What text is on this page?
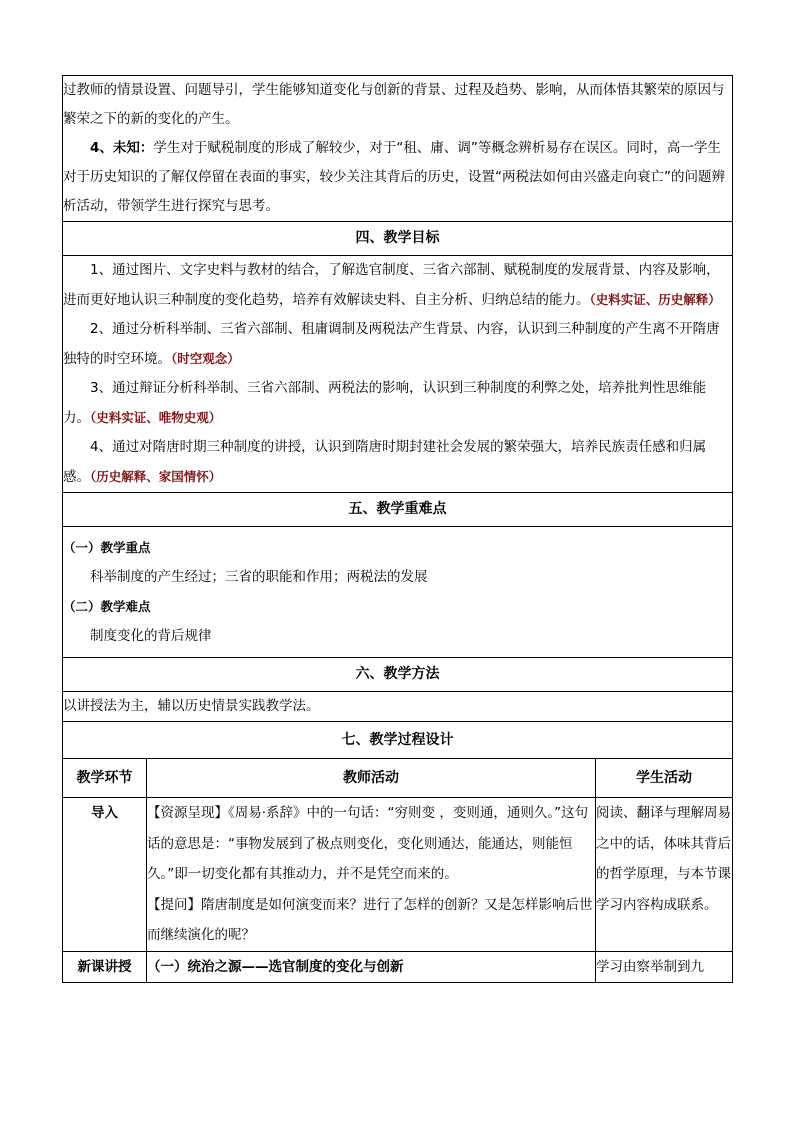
过教师的情景设置、问题导引，学生能够知道变化与创新的背景、过程及趋势、影响，从而体悟其繁荣的原因与繁荣之下的新的变化的产生。

4、未知：学生对于赋税制度的形成了解较少，对于“租、庸、调”等概念辨析易存在误区。同时，高一学生对于历史知识的了解仅停留在表面的事实，较少关注其背后的历史，设置“两税法如何由兴盛走向衰亡”的问题辨析活动，带领学生进行探究与思考。		

四、教学目标		

1、通过图片、文字史料与教材的结合，了解选官制度、三省六部制、赋税制度的发展背景、内容及影响，进而更好地认识三种制度的变化趋势，培养有效解读史料、自主分析、归纳总结的能力。（史料实证、历史解释）

2、通过分析科举制、三省六部制、租庸调制及两税法产生背景、内容，认识到三种制度的产生离不开隋唐独特的时空环境。（时空观念）

3、通过辩证分析科举制、三省六部制、两税法的影响，认识到三种制度的利弊之处，培养批判性思维能力。（史料实证、唯物史观）

4、通过对隋唐时期三种制度的讲授，认识到隋唐时期封建社会发展的繁荣强大，培养民族责任感和归属感。（历史解释、家国情怀）		

五、教学重难点		

（一）教学重点

科举制度的产生经过；三省的职能和作用；两税法的发展

（二）教学难点

制度变化的背后规律		

六、教学方法		

以讲授法为主，辅以历史情景实践教学法。		

七、教学过程设计		
教学环节	教师活动	学生活动
导入	【资源呈现】《周易·系辞》中的一句话：“穷则变 ，变则通，通则久。”这句话的意思是：“事物发展到了极点则变化，变化则通达，能通达，则能恒久。”即一切变化都有其推动力，并不是凭空而来的。

【提问】隋唐制度是如何演变而来？进行了怎样的创新？又是怎样影响后世而继续演化的呢？	阅读、翻译与理解周易之中的话，体味其背后的哲学原理，与本节课学习内容构成联系。
新课讲授	（一）统治之源——选官制度的变化与创新	学习由察举制到九
